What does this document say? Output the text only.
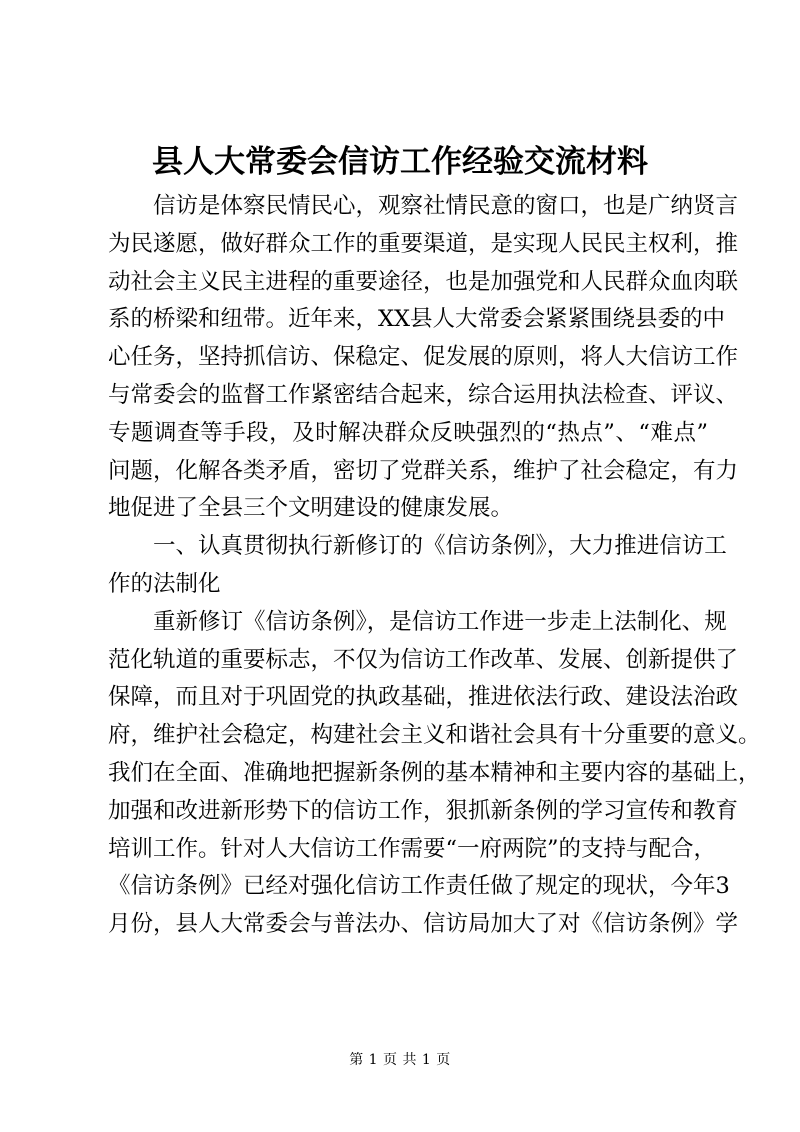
县人大常委会信访工作经验交流材料
信访是体察民情民心，观察社情民意的窗口，也是广纳贤言
为民遂愿，做好群众工作的重要渠道，是实现人民民主权利，推
动社会主义民主进程的重要途径，也是加强党和人民群众血肉联
系的桥梁和纽带。近年来，XX县人大常委会紧紧围绕县委的中
心任务，坚持抓信访、保稳定、促发展的原则，将人大信访工作
与常委会的监督工作紧密结合起来，综合运用执法检查、评议、
专题调查等手段，及时解决群众反映强烈的“热点”、“难点”
问题，化解各类矛盾，密切了党群关系，维护了社会稳定，有力
地促进了全县三个文明建设的健康发展。
一、认真贯彻执行新修订的《信访条例》，大力推进信访工
作的法制化
重新修订《信访条例》，是信访工作进一步走上法制化、规
范化轨道的重要标志，不仅为信访工作改革、发展、创新提供了
保障，而且对于巩固党的执政基础，推进依法行政、建设法治政
府，维护社会稳定，构建社会主义和谐社会具有十分重要的意义。
我们在全面、准确地把握新条例的基本精神和主要内容的基础上，
加强和改进新形势下的信访工作，狠抓新条例的学习宣传和教育
培训工作。针对人大信访工作需要“一府两院”的支持与配合，
《信访条例》已经对强化信访工作责任做了规定的现状，今年3
月份，县人大常委会与普法办、信访局加大了对《信访条例》学
第 1 页 共 1 页
